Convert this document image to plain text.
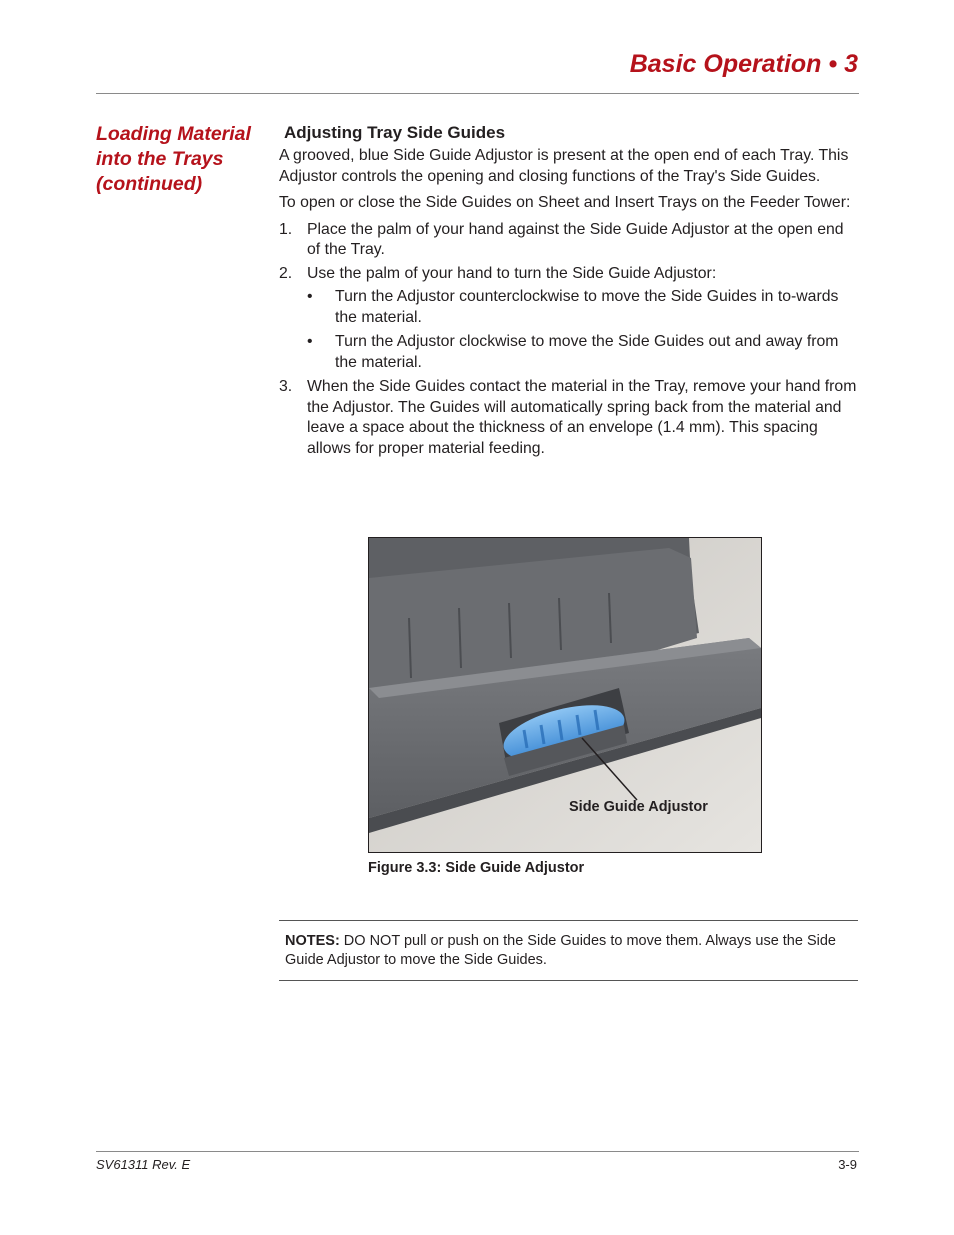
Basic Operation • 3
Loading Material into the Trays (continued)
Adjusting Tray Side Guides

A grooved, blue Side Guide Adjustor is present at the open end of each Tray. This Adjustor controls the opening and closing functions of the Tray's Side Guides.

To open or close the Side Guides on Sheet and Insert Trays on the Feeder Tower:

1. Place the palm of your hand against the Side Guide Adjustor at the open end of the Tray.
2. Use the palm of your hand to turn the Side Guide Adjustor:
• Turn the Adjustor counterclockwise to move the Side Guides in to-wards the material.
• Turn the Adjustor clockwise to move the Side Guides out and away from the material.
3. When the Side Guides contact the material in the Tray, remove your hand from the Adjustor. The Guides will automatically spring back from the material and leave a space about the thickness of an envelope (1.4 mm). This spacing allows for proper material feeding.
Side Guide Adjustor
Figure 3.3: Side Guide Adjustor
NOTES: DO NOT pull or push on the Side Guides to move them. Always use the Side Guide Adjustor to move the Side Guides.
SV61311 Rev. E	3-9
